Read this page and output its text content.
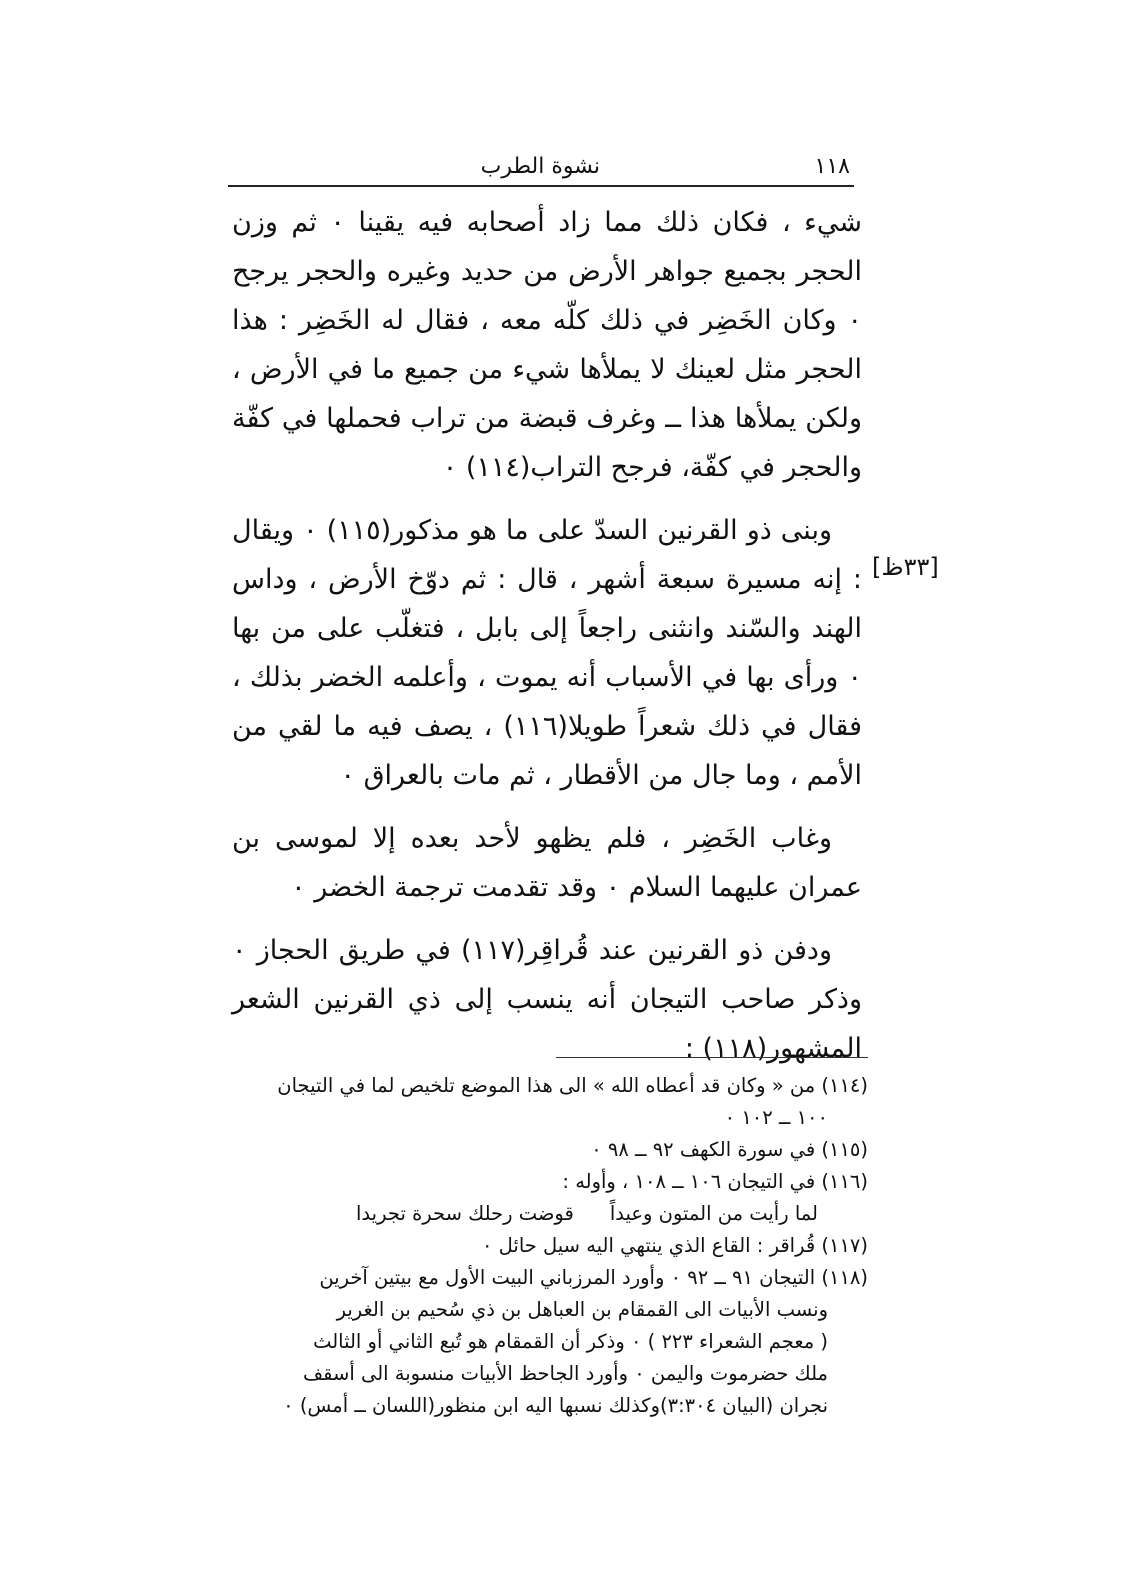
١١٨
نشوة الطرب

شيء ، فكان ذلك مما زاد أصحابه فيه يقينا ٠ ثم وزن الحجر بجميع جواهر الأرض من حديد وغيره والحجر يرجح ٠ وكان الخَضِر في ذلك كلّه معه ، فقال له الخَضِر : هذا الحجر مثل لعينك لا يملأها شيء من جميع ما في الأرض ، ولكن يملأها هذا ــ وغرف قبضة من تراب فحملها في كفّة والحجر في كفّة، فرجح التراب(١١٤) ٠

وبنى ذو القرنين السدّ على ما هو مذكور(١١٥) ٠ ويقال : إنه مسيرة سبعة أشهر ، قال : ثم دوّخ الأرض ، وداس الهند والسّند وانثنى راجعاً إلى بابل ، فتغلّب على من بها ٠ ورأى بها في الأسباب أنه يموت ، وأعلمه الخضر بذلك ، فقال في ذلك شعراً طويلا(١١٦) ، يصف فيه ما لقي من الأمم ، وما جال من الأقطار ، ثم مات بالعراق ٠

وغاب الخَضِر ، فلم يظهو لأحد بعده إلا لموسى بن عمران عليهما السلام ٠ وقد تقدمت ترجمة الخضر ٠

ودفن ذو القرنين عند قُراقِر(١١٧) في طريق الحجاز ٠ وذكر صاحب التيجان أنه ينسب إلى ذي القرنين الشعر المشهور(١١٨) :

[٣٣ظ]

(١١٤) من « وكان قد أعطاه الله » الى هذا الموضع تلخيص لما في التيجان

١٠٠ ــ ١٠٢ ٠

(١١٥) في سورة الكهف ٩٢ ــ ٩٨ ٠

(١١٦) في التيجان ١٠٦ ــ ١٠٨ ، وأوله :

لما رأيت من المتون وعيداً
قوضت رحلك سحرة تجريدا

(١١٧) قُراقر : القاع الذي ينتهي اليه سيل حائل ٠

(١١٨) التيجان ٩١ ــ ٩٢ ٠ وأورد المرزباني البيت الأول مع بيتين آخرين

ونسب الأبيات الى القمقام بن العباهل بن ذي سُحيم بن الغرير

( معجم الشعراء ٢٢٣ ) ٠ وذكر أن القمقام هو تُبع الثاني أو الثالث

ملك حضرموت واليمن ٠ وأورد الجاحظ الأبيات منسوبة الى أسقف

نجران (البيان ٣:٣٠٤)وكذلك نسبها اليه ابن منظور(اللسان ــ أمس) ٠
